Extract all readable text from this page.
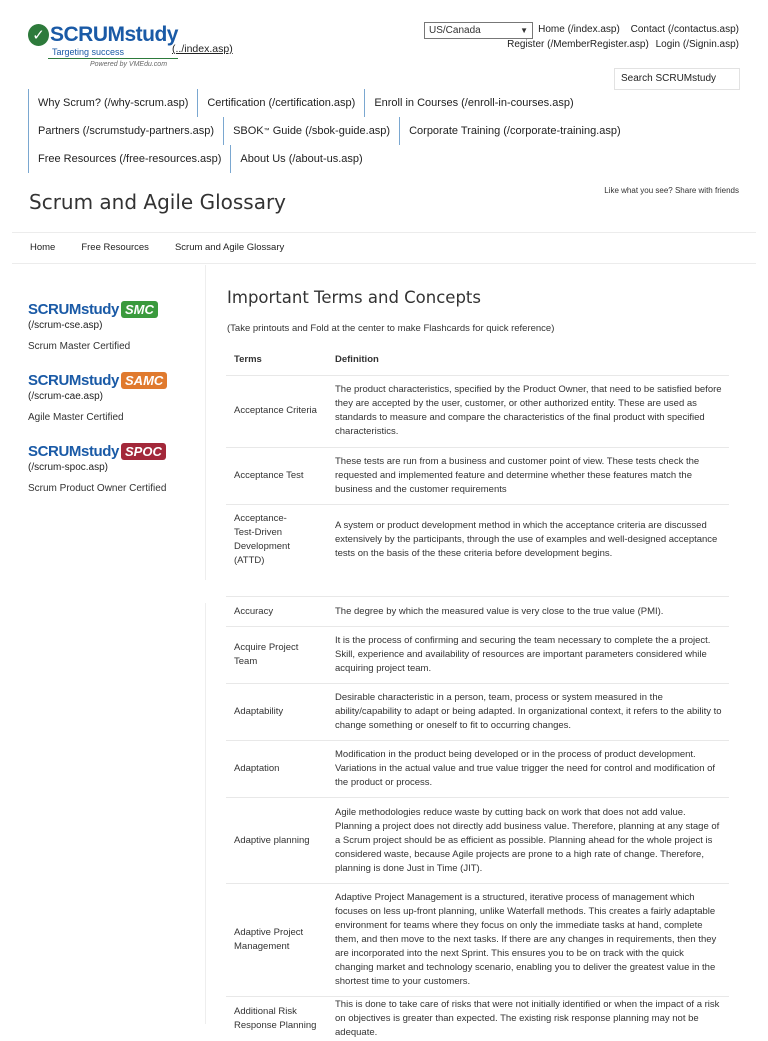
✓ SCRUMstudy
Targeting success
Powered by VMEdu.com
(../index.asp)
US/Canada	▼	Home (/index.asp) Contact (/contactus.asp)
Register (/MemberRegister.asp) Login (/Signin.asp)
Search SCRUMstudy
Why Scrum? (/why-scrum.asp)	Certification (/certification.asp)	Enroll in Courses (/enroll-in-courses.asp)
Partners (/scrumstudy-partners.asp)	SBOK ™ Guide (/sbok-guide.asp)	Corporate Training (/corporate-training.asp)
Free Resources (/free-resources.asp)	About Us (/about-us.asp)
Scrum and Agile Glossary	Like what you see? Share with friends
Home	Free Resources	Scrum and Agile Glossary
SCRUMstudy SMC
(/scrum-cse.asp)
Scrum Master Certified
SCRUMstudy SAMC
(/scrum-cae.asp)
Agile Master Certified
SCRUMstudy SPOC
(/scrum-spoc.asp)
Scrum Product Owner Certified
Important Terms and Concepts
(Take printouts and Fold at the center to make Flashcards for quick reference)
Terms	Definition
Acceptance Criteria	The product characteristics, specified by the Product Owner, that need to be satisfied before they are accepted by the user, customer, or other authorized entity. These are used as standards to measure and compare the characteristics of the final product with specified characteristics.
Acceptance Test	These tests are run from a business and customer point of view. These tests check the requested and implemented feature and determine whether these features match the business and the customer requirements
Acceptance-Test-Driven Development (ATTD)	A system or product development method in which the acceptance criteria are discussed extensively by the participants, through the use of examples and well-designed acceptance tests on the basis of the these criteria before development begins.
Accuracy	The degree by which the measured value is very close to the true value (PMI).
Acquire Project Team	It is the process of confirming and securing the team necessary to complete the a project. Skill, experience and availability of resources are important parameters considered while acquiring project team.
Adaptability	Desirable characteristic in a person, team, process or system measured in the ability/capability to adapt or being adapted. In organizational context, it refers to the ability to change something or oneself to fit to occurring changes.
Adaptation	Modification in the product being developed or in the process of product development. Variations in the actual value and true value trigger the need for control and modification of the product or process.
Adaptive planning	Agile methodologies reduce waste by cutting back on work that does not add value. Planning a project does not directly add business value. Therefore, planning at any stage of a Scrum project should be as efficient as possible. Planning ahead for the whole project is considered waste, because Agile projects are prone to a high rate of change. Therefore, planning is done Just in Time (JIT).
Adaptive Project Management	Adaptive Project Management is a structured, iterative process of management which focuses on less up-front planning, unlike Waterfall methods. This creates a fairly adaptable environment for teams where they focus on only the immediate tasks at hand, complete them, and then move to the next tasks. If there are any changes in requirements, then they are incorporated into the next Sprint. This ensures you to be on track with the quick changing market and technology scenario, enabling you to deliver the greatest value in the shortest time to your customers.
Additional Risk Response Planning	This is done to take care of risks that were not initially identified or when the impact of a risk on objectives is greater than expected. The existing risk response planning may not be adequate.
